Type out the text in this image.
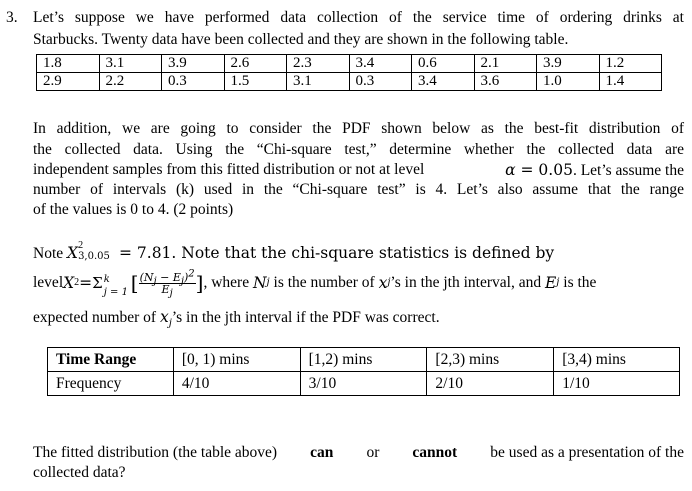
3. Let’s suppose we have performed data collection of the service time of ordering drinks at
Starbucks. Twenty data have been collected and they are shown in the following table.
1.8	3.1	3.9	2.6	2.3	3.4	0.6	2.1	3.9	1.2
2.9	2.2	0.3	1.5	3.1	0.3	3.4	3.6	1.0	1.4
In addition, we are going to consider the PDF shown below as the best-fit distribution of
the collected data. Using the “Chi-square test,” determine whether the collected data are
independent samples from this fitted distribution or not at level	α = 0.05. Let’s assume the
number of intervals (k) used in the “Chi-square test” is 4. Let’s also assume that the range
of the values is 0 to 4. (2 points)
Note X 2
3,0.05 = 7.81. Note that the chi-square statistics is defined by
level X 2 = Σ k
j = 1 [ $\frac{(N_j - E_j)^2}{E_j}$ ] , where N j is the number of x j ’s in the jth interval, and E j is the
expected number of $x_j’s$ in the jth interval if the PDF was correct.
Time Range	[0, 1) mins	[1,2) mins	[2,3) mins	[3,4) mins
Frequency	4/10	3/10	2/10	1/10
The fitted distribution (the table above) can or cannot be used as a presentation of the
collected data?
